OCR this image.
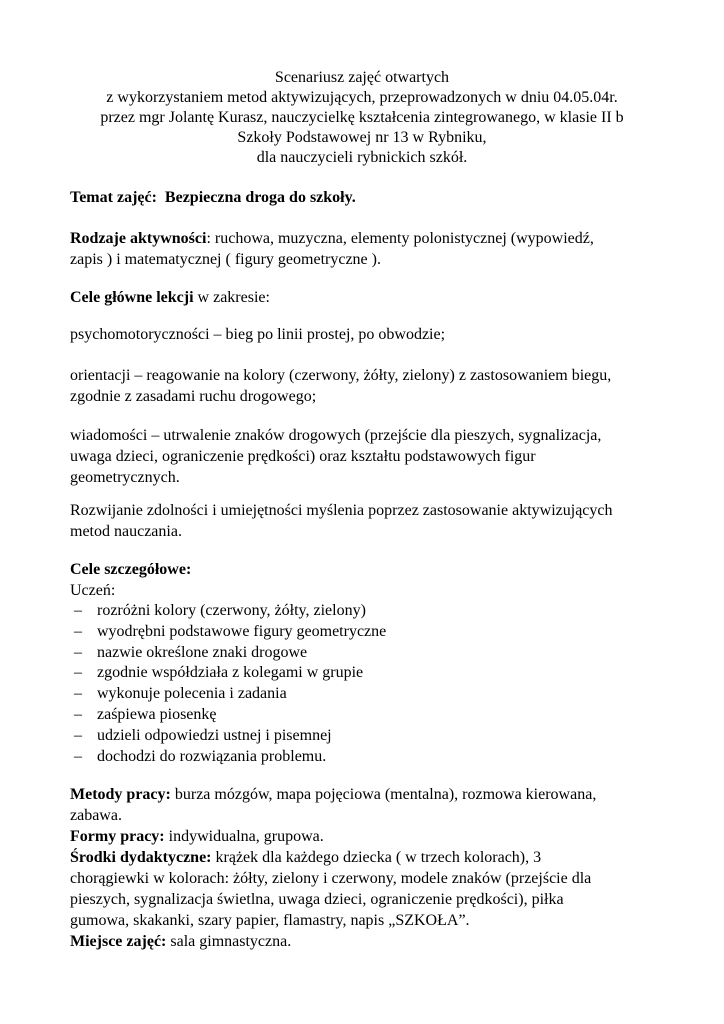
Scenariusz zajęć otwartych
z wykorzystaniem metod aktywizujących, przeprowadzonych w dniu 04.05.04r.
przez mgr Jolantę Kurasz, nauczycielkę kształcenia zintegrowanego, w klasie II b
Szkoły Podstawowej nr 13 w Rybniku,
dla nauczycieli rybnickich szkół.
Temat zajęć: Bezpieczna droga do szkoły.
Rodzaje aktywności: ruchowa, muzyczna, elementy polonistycznej (wypowiedź,
zapis ) i matematycznej ( figury geometryczne ).
Cele główne lekcji w zakresie:
psychomotoryczności – bieg po linii prostej, po obwodzie;
orientacji – reagowanie na kolory (czerwony, żółty, zielony) z zastosowaniem biegu,
zgodnie z zasadami ruchu drogowego;
wiadomości – utrwalenie znaków drogowych (przejście dla pieszych, sygnalizacja,
uwaga dzieci, ograniczenie prędkości) oraz kształtu podstawowych figur
geometrycznych.
Rozwijanie zdolności i umiejętności myślenia poprzez zastosowanie aktywizujących
metod nauczania.
Cele szczegółowe:
Uczeń:
– rozróżni kolory (czerwony, żółty, zielony)
– wyodrębni podstawowe figury geometryczne
– nazwie określone znaki drogowe
– zgodnie współdziała z kolegami w grupie
– wykonuje polecenia i zadania
– zaśpiewa piosenkę
– udzieli odpowiedzi ustnej i pisemnej
– dochodzi do rozwiązania problemu.
Metody pracy: burza mózgów, mapa pojęciowa (mentalna), rozmowa kierowana,
zabawa.
Formy pracy: indywidualna, grupowa.
Środki dydaktyczne: krążek dla każdego dziecka ( w trzech kolorach), 3
chorągiewki w kolorach: żółty, zielony i czerwony, modele znaków (przejście dla
pieszych, sygnalizacja świetlna, uwaga dzieci, ograniczenie prędkości), piłka
gumowa, skakanki, szary papier, flamastry, napis „SZKOŁA”.
Miejsce zajęć: sala gimnastyczna.
